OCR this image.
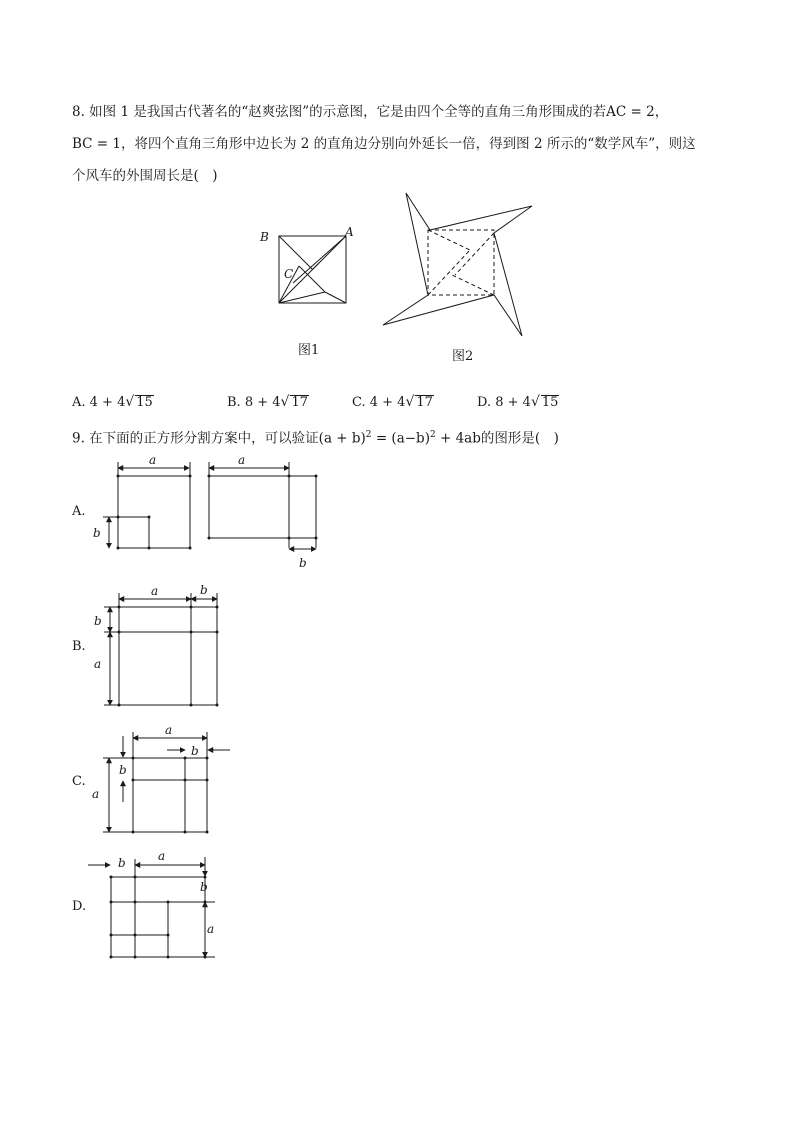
8. 如图 1 是我国古代著名的“赵爽弦图”的示意图，它是由四个全等的直角三角形围成的若AC = 2，
BC = 1，将四个直角三角形中边长为 2 的直角边分别向外延长一倍，得到图 2 所示的“数学风车”，则这
个风车的外围周长是(　)
B	A
C
图1	图2
A. 4 + 4√ 15	B. 8 + 4√ 17	C. 4 + 4√ 17	D. 8 + 4√ 15
9. 在下面的正方形分割方案中，可以验证$(a + b)^2 = (a-b)^2 + 4ab$的图形是(　)
A.
a
b
a
b
B.
a	b
b
a
C.
a
b
b
a
D.
b	a
b
a
